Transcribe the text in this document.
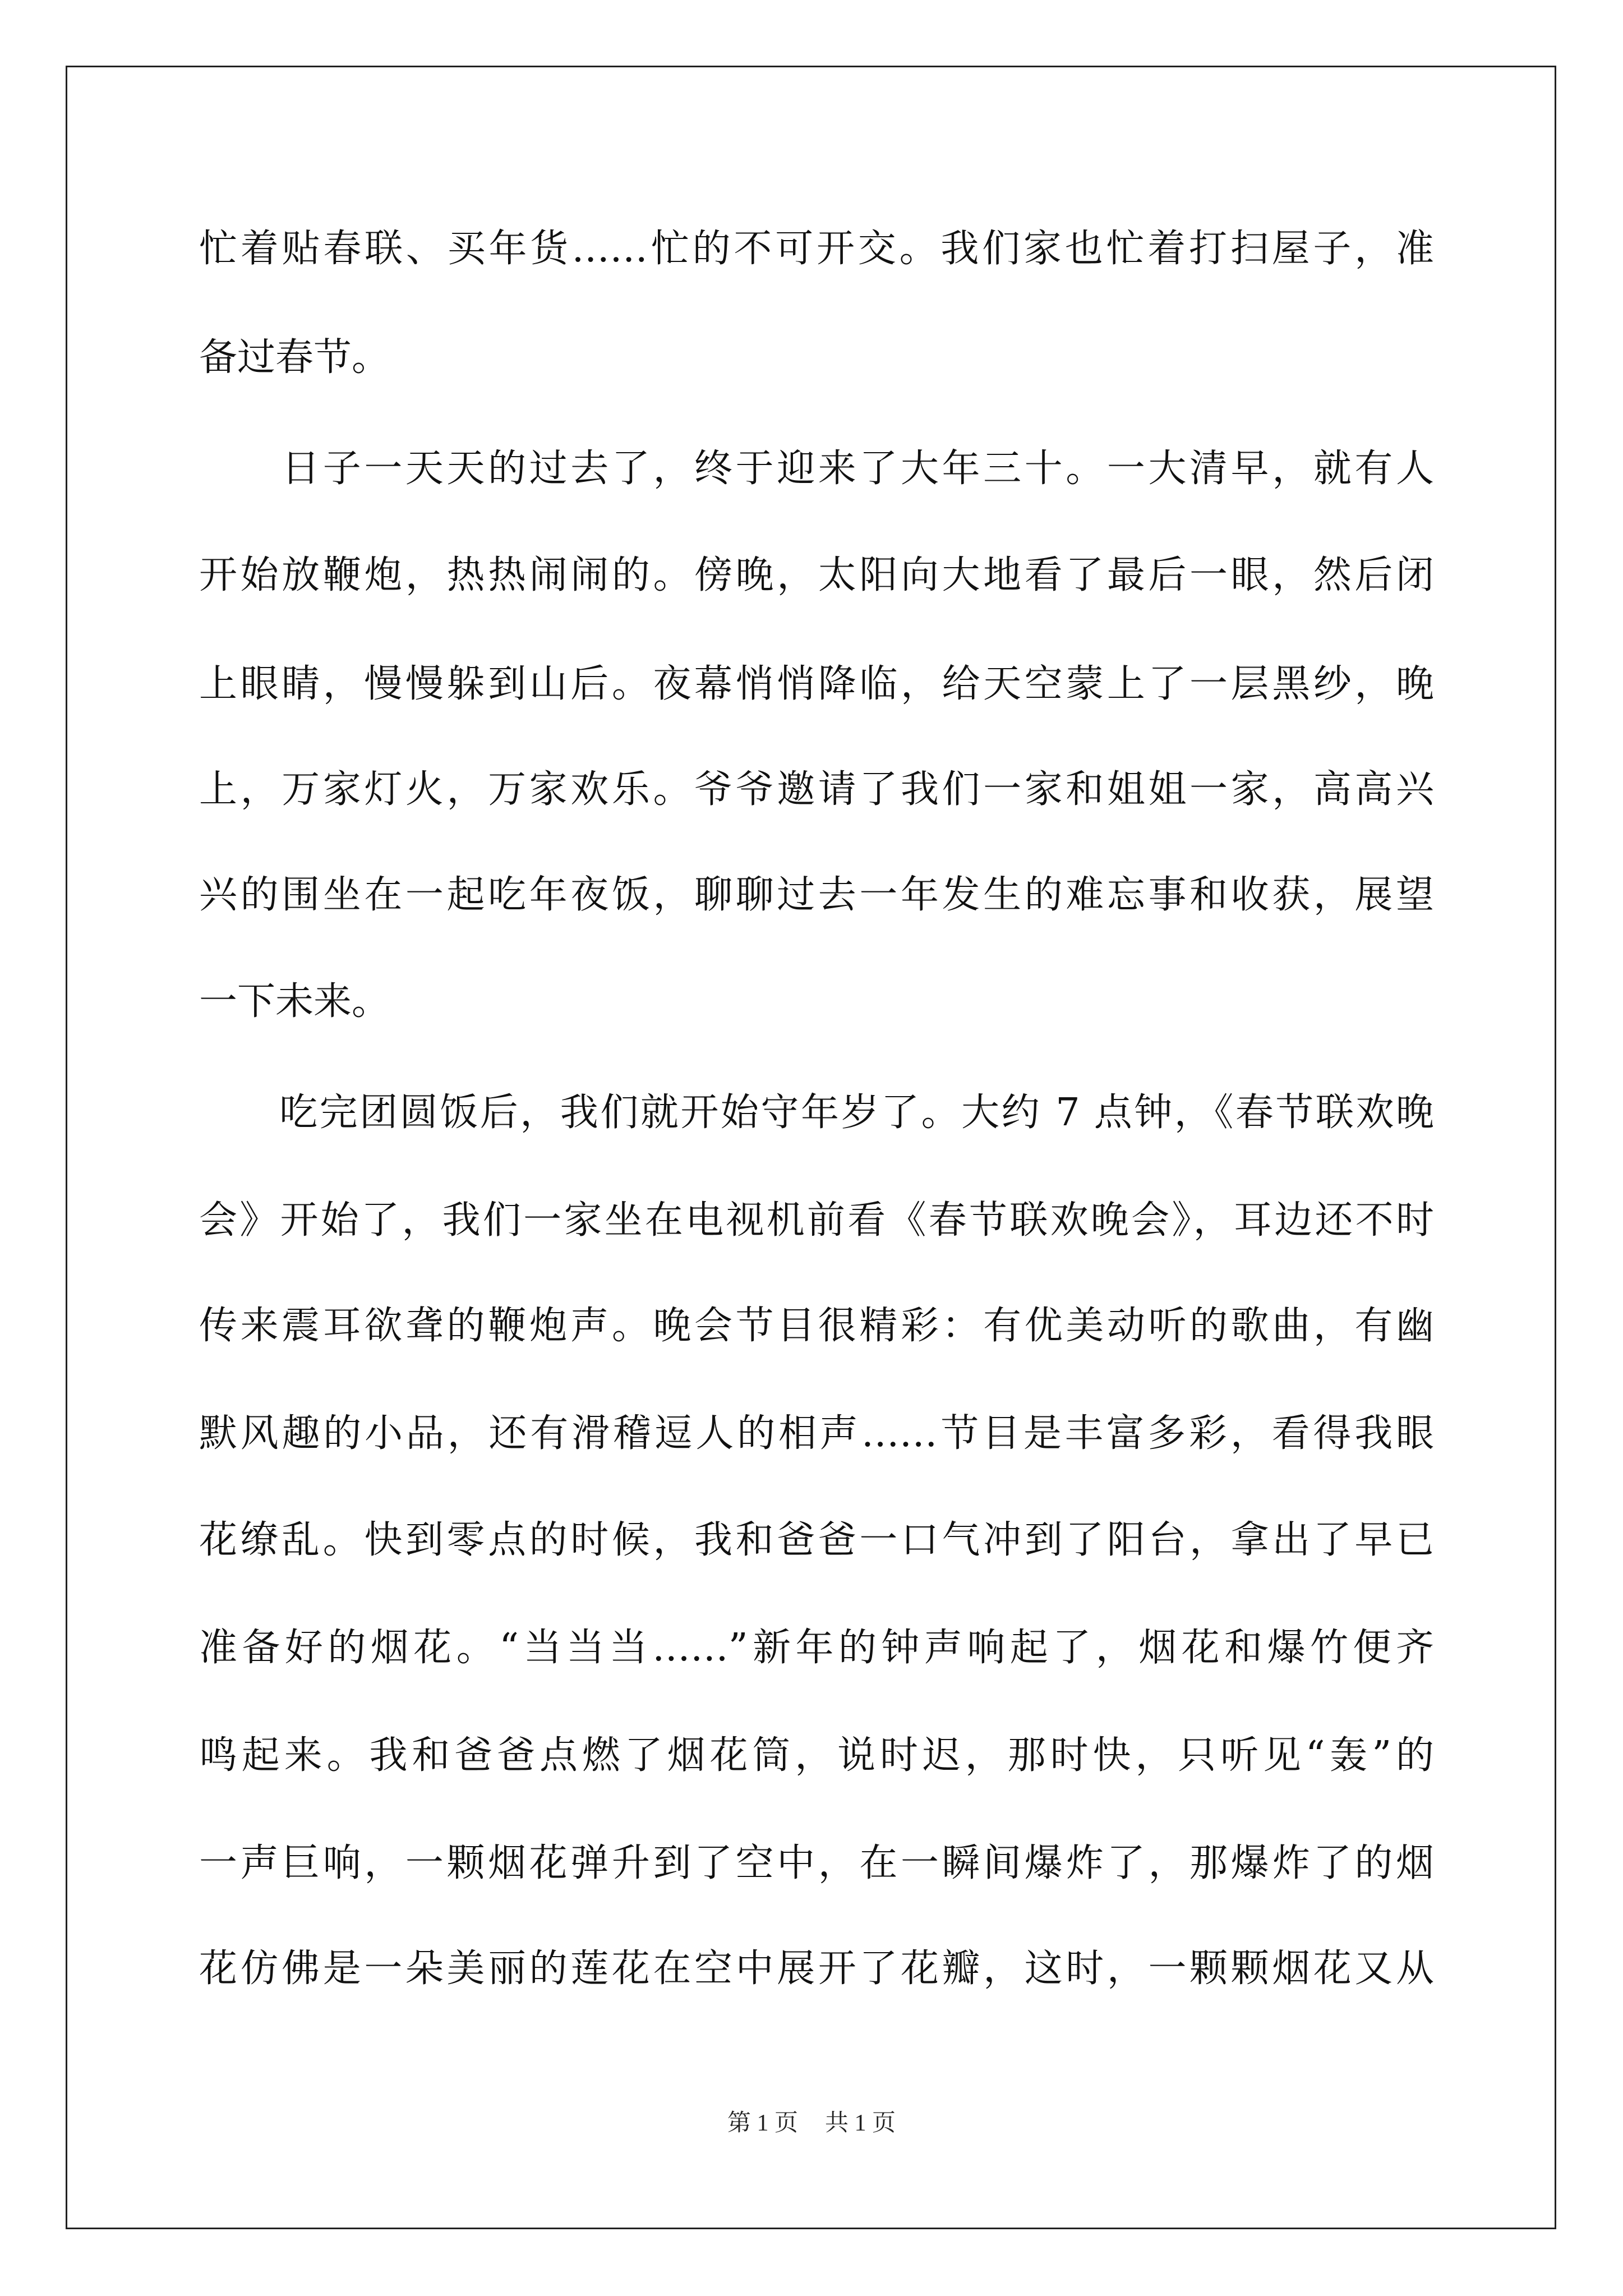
忙着贴春联、买年货……忙的不可开交。我们家也忙着打扫屋子，准
备过春节。
　　日子一天天的过去了，终于迎来了大年三十。一大清早，就有人
开始放鞭炮，热热闹闹的。傍晚，太阳向大地看了最后一眼，然后闭
上眼睛，慢慢躲到山后。夜幕悄悄降临，给天空蒙上了一层黑纱，晚
上，万家灯火，万家欢乐。爷爷邀请了我们一家和姐姐一家，高高兴
兴的围坐在一起吃年夜饭，聊聊过去一年发生的难忘事和收获，展望
一下未来。
　　吃完团圆饭后，我们就开始守年岁了。大约 7 点钟，《春节联欢晚
会》开始了，我们一家坐在电视机前看《春节联欢晚会》，耳边还不时
传来震耳欲聋的鞭炮声。晚会节目很精彩：有优美动听的歌曲，有幽
默风趣的小品，还有滑稽逗人的相声……节目是丰富多彩，看得我眼
花缭乱。快到零点的时候，我和爸爸一口气冲到了阳台，拿出了早已
准备好的烟花。“当当当……”新年的钟声响起了，烟花和爆竹便齐
鸣起来。我和爸爸点燃了烟花筒，说时迟，那时快，只听见“轰”的
一声巨响，一颗烟花弹升到了空中，在一瞬间爆炸了，那爆炸了的烟
花仿佛是一朵美丽的莲花在空中展开了花瓣，这时，一颗颗烟花又从
第 1 页 共 1 页
